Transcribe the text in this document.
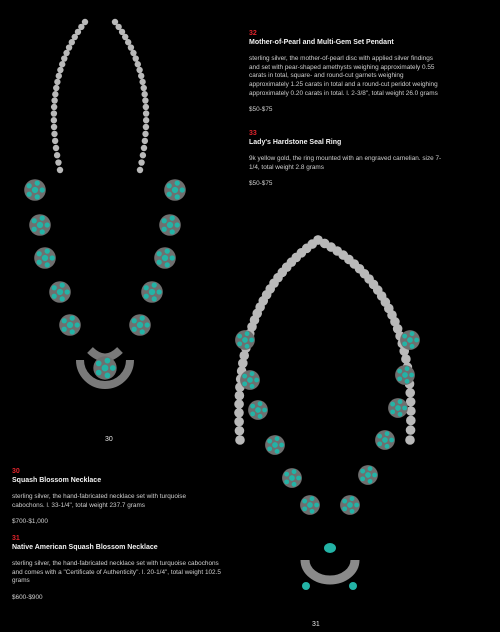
32
Mother-of-Pearl and Multi-Gem Set Pendant
sterling silver, the mother-of-pearl disc with applied silver findings and set with pear-shaped amethysts weighing approximately 0.55 carats in total, square- and round-cut garnets weighing approximately 1.25 carats in total and a round-cut peridot weighing approximately 0.20 carats in total. l. 2-3/8", total weight 26.0 grams
$50-$75
33
Lady's Hardstone Seal Ring
9k yellow gold, the ring mounted with an engraved carnelian. size 7-1/4, total weight 2.8 grams
$50-$75
30
Squash Blossom Necklace
sterling silver, the hand-fabricated necklace set with turquoise cabochons. l. 33-1/4", total weight 237.7 grams
$700-$1,000
31
Native American Squash Blossom Necklace
sterling silver, the hand-fabricated necklace set with turquoise cabochons and comes with a "Certificate of Authenticity". l. 20-1/4", total weight 102.5 grams
$600-$900
30
31
